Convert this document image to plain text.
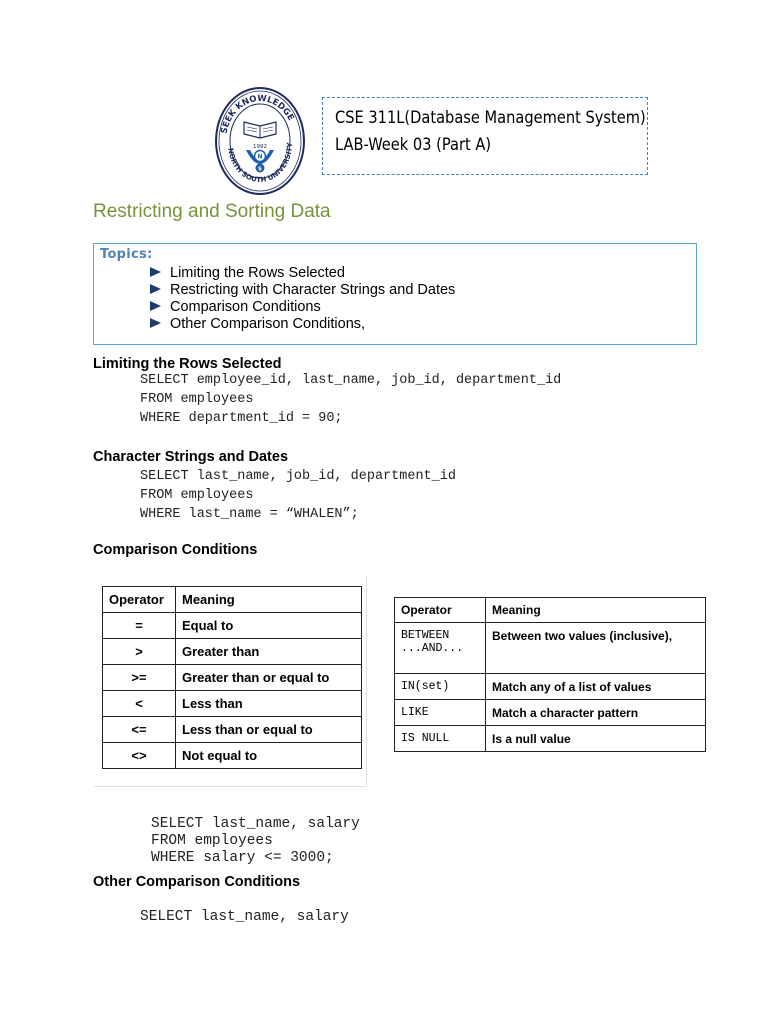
SEEK KNOWLEDGE
NORTH SOUTH UNIVERSITY
1992
N
S
CSE 311L(Database Management System)
LAB-Week 03 (Part A)
Restricting and Sorting Data
Topics:
Limiting the Rows Selected
Restricting with Character Strings and Dates
Comparison Conditions
Other Comparison Conditions,
Limiting the Rows Selected
SELECT employee_id, last_name, job_id, department_id
FROM employees
WHERE department_id = 90;
Character Strings and Dates
SELECT last_name, job_id, department_id
FROM employees
WHERE last_name = “WHALEN”;
Comparison Conditions
Operator	Meaning
=	Equal to
>	Greater than
>=	Greater than or equal to
<	Less than
<=	Less than or equal to
<>	Not equal to
Operator	Meaning
BETWEEN ...AND...	Between two values (inclusive),
IN(set)	Match any of a list of values
LIKE	Match a character pattern
IS NULL	Is a null value
SELECT last_name, salary
FROM employees
WHERE salary <= 3000;
Other Comparison Conditions
SELECT last_name, salary
